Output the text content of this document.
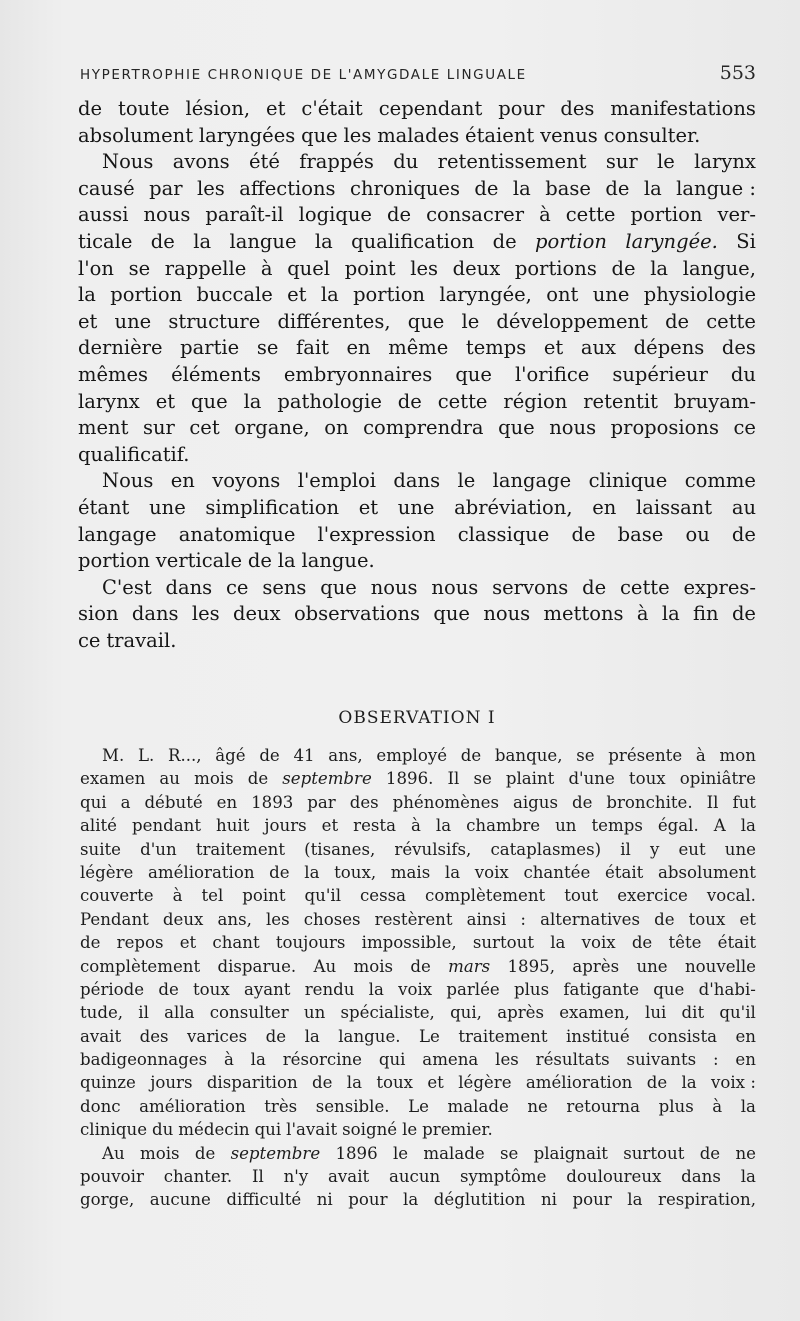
HYPERTROPHIE CHRONIQUE DE L'AMYGDALE LINGUALE	553
de toute lésion, et c'était cependant pour des manifestations
absolument laryngées que les malades étaient venus consulter.
Nous avons été frappés du retentissement sur le larynx
causé par les affections chroniques de la base de la langue :
aussi nous paraît-il logique de consacrer à cette portion ver-
ticale de la langue la qualification de portion laryngée. Si
l'on se rappelle à quel point les deux portions de la langue,
la portion buccale et la portion laryngée, ont une physiologie
et une structure différentes, que le développement de cette
dernière partie se fait en même temps et aux dépens des
mêmes éléments embryonnaires que l'orifice supérieur du
larynx et que la pathologie de cette région retentit bruyam-
ment sur cet organe, on comprendra que nous proposions ce
qualificatif.
Nous en voyons l'emploi dans le langage clinique comme
étant une simplification et une abréviation, en laissant au
langage anatomique l'expression classique de base ou de
portion verticale de la langue.
C'est dans ce sens que nous nous servons de cette expres-
sion dans les deux observations que nous mettons à la fin de
ce travail.
OBSERVATION I
M. L. R..., âgé de 41 ans, employé de banque, se présente à mon
examen au mois de septembre 1896. Il se plaint d'une toux opiniâtre
qui a débuté en 1893 par des phénomènes aigus de bronchite. Il fut
alité pendant huit jours et resta à la chambre un temps égal. A la
suite d'un traitement (tisanes, révulsifs, cataplasmes) il y eut une
légère amélioration de la toux, mais la voix chantée était absolument
couverte à tel point qu'il cessa complètement tout exercice vocal.
Pendant deux ans, les choses restèrent ainsi : alternatives de toux et
de repos et chant toujours impossible, surtout la voix de tête était
complètement disparue. Au mois de mars 1895, après une nouvelle
période de toux ayant rendu la voix parlée plus fatigante que d'habi-
tude, il alla consulter un spécialiste, qui, après examen, lui dit qu'il
avait des varices de la langue. Le traitement institué consista en
badigeonnages à la résorcine qui amena les résultats suivants : en
quinze jours disparition de la toux et légère amélioration de la voix :
donc amélioration très sensible. Le malade ne retourna plus à la
clinique du médecin qui l'avait soigné le premier.
Au mois de septembre 1896 le malade se plaignait surtout de ne
pouvoir chanter. Il n'y avait aucun symptôme douloureux dans la
gorge, aucune difficulté ni pour la déglutition ni pour la respiration,
